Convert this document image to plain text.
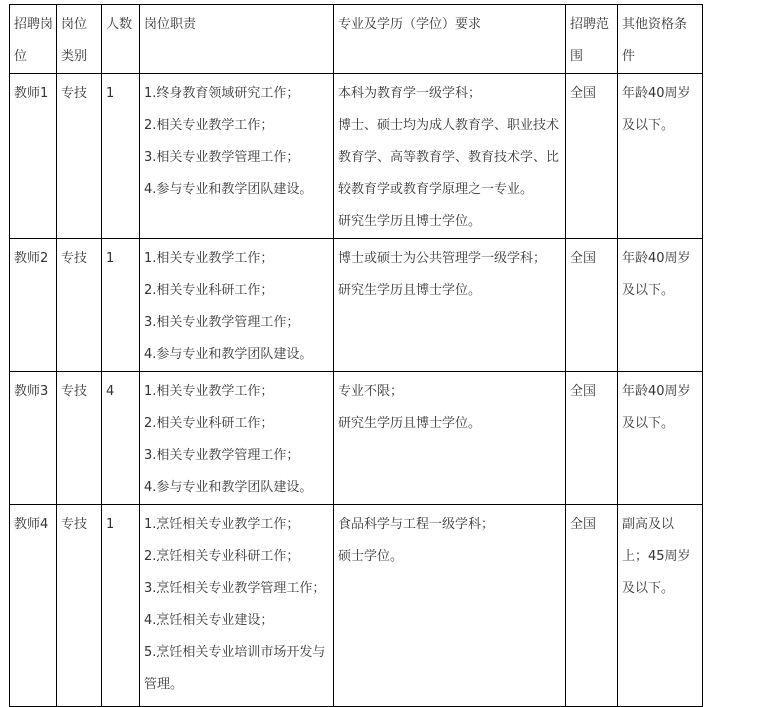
招聘岗位	岗位类别	人数	岗位职责	专业及学历（学位）要求	招聘范围	其他资格条件
教师1	专技	1	1.终身教育领域研究工作；
2.相关专业教学工作；
3.相关专业教学管理工作；
4.参与专业和教学团队建设。	本科为教育学一级学科；
博士、硕士均为成人教育学、职业技术教育学、高等教育学、教育技术学、比较教育学或教育学原理之一专业。
研究生学历且博士学位。	全国	年龄40周岁及以下。
教师2	专技	1	1.相关专业教学工作；
2.相关专业科研工作；
3.相关专业教学管理工作；
4.参与专业和教学团队建设。	博士或硕士为公共管理学一级学科；
研究生学历且博士学位。	全国	年龄40周岁及以下。
教师3	专技	4	1.相关专业教学工作；
2.相关专业科研工作；
3.相关专业教学管理工作；
4.参与专业和教学团队建设。	专业不限；
研究生学历且博士学位。	全国	年龄40周岁及以下。
教师4	专技	1	1.烹饪相关专业教学工作；
2.烹饪相关专业科研工作；
3.烹饪相关专业教学管理工作；
4.烹饪相关专业建设；
5.烹饪相关专业培训市场开发与管理。	食品科学与工程一级学科；
硕士学位。	全国	副高及以上；45周岁及以下。
